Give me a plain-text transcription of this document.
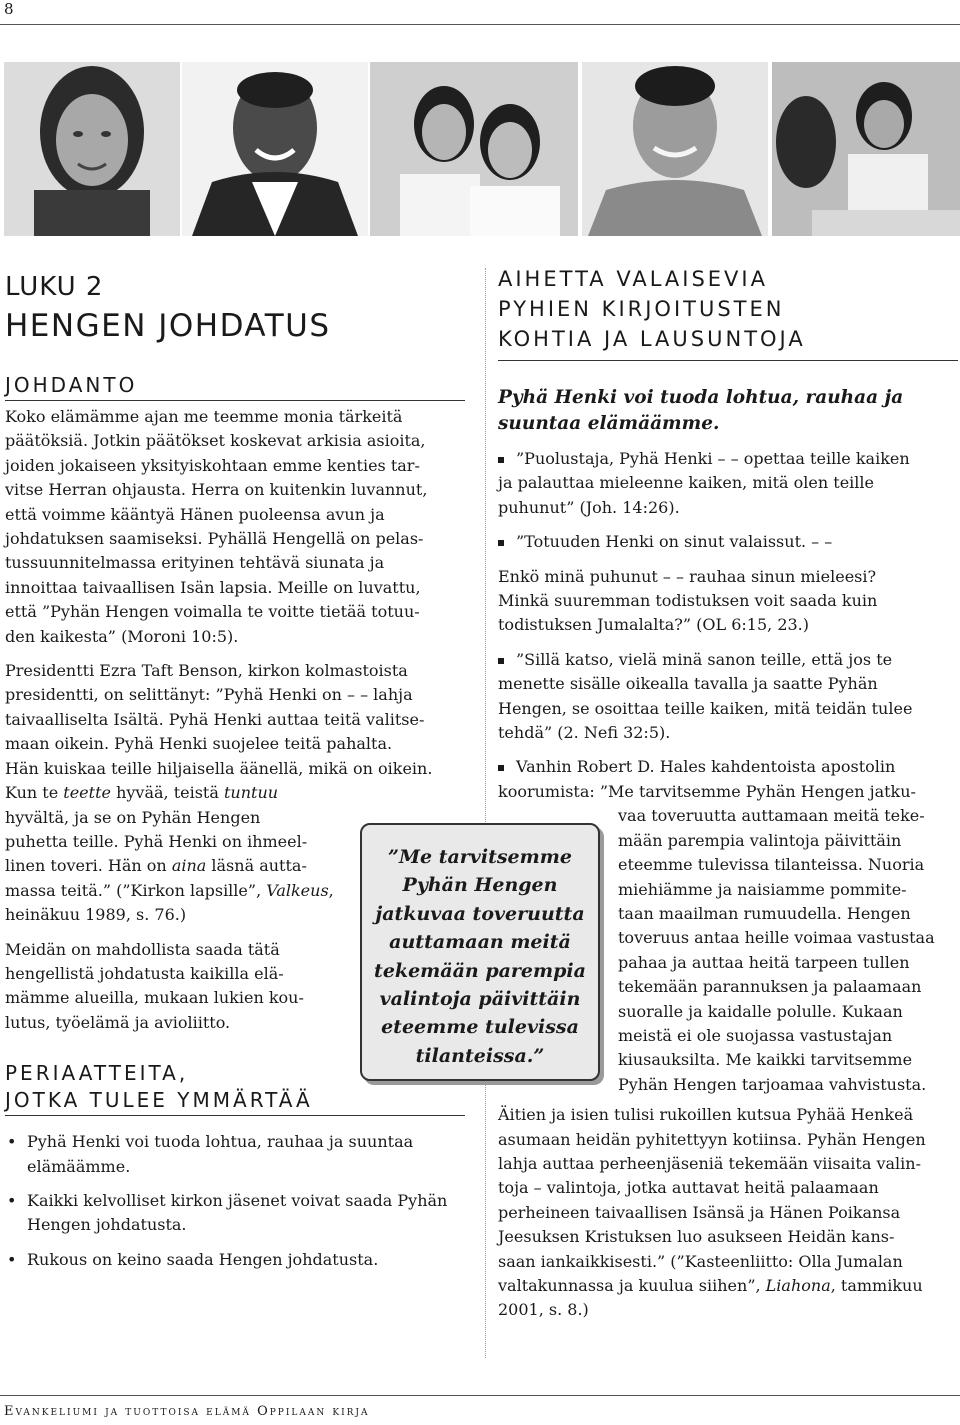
8

LUKU 2

HENGEN JOHDATUS

JOHDANTO

Koko elämämme ajan me teemme monia tärkeitä
päätöksiä. Jotkin päätökset koskevat arkisia asioita,
joiden jokaiseen yksityiskohtaan emme kenties tar-
vitse Herran ohjausta. Herra on kuitenkin luvannut,
että voimme kääntyä Hänen puoleensa avun ja
johdatuksen saamiseksi. Pyhällä Hengellä on pelas-
tussuunnitelmassa erityinen tehtävä siunata ja
innoittaa taivaallisen Isän lapsia. Meille on luvattu,
että ”Pyhän Hengen voimalla te voitte tietää totuu-
den kaikesta” (Moroni 10:5).
Presidentti Ezra Taft Benson, kirkon kolmastoista
presidentti, on selittänyt: ”Pyhä Henki on – – lahja
taivaalliselta Isältä. Pyhä Henki auttaa teitä valitse-
maan oikein. Pyhä Henki suojelee teitä pahalta.
Hän kuiskaa teille hiljaisella äänellä, mikä on oikein.
Kun te teette hyvää, teistä tuntuu
hyvältä, ja se on Pyhän Hengen
puhetta teille. Pyhä Henki on ihmeel-
linen toveri. Hän on aina läsnä autta-
massa teitä.” (”Kirkon lapsille”, Valkeus,
heinäkuu 1989, s. 76.)
Meidän on mahdollista saada tätä
hengellistä johdatusta kaikilla elä-
mämme alueilla, mukaan lukien kou-
lutus, työelämä ja avioliitto.

PERIAATTEITA,

JOTKA TULEE YMMÄRTÄÄ

• Pyhä Henki voi tuoda lohtua, rauhaa ja suuntaa elämäämme.
• Kaikki kelvolliset kirkon jäsenet voivat saada Pyhän Hengen johdatusta.
• Rukous on keino saada Hengen johdatusta.
”Me tarvitsemme
Pyhän Hengen
jatkuvaa toveruutta
auttamaan meitä
tekemään parempia
valintoja päivittäin
eteemme tulevissa
tilanteissa.”
AIHETTA VALAISEVIA
PYHIEN KIRJOITUSTEN
KOHTIA JA LAUSUNTOJA
Pyhä Henki voi tuoda lohtua, rauhaa ja
suuntaa elämäämme.
”Puolustaja, Pyhä Henki – – opettaa teille kaiken
ja palauttaa mieleenne kaiken, mitä olen teille
puhunut” (Joh. 14:26).
”Totuuden Henki on sinut valaissut. – –
Enkö minä puhunut – – rauhaa sinun mieleesi?
Minkä suuremman todistuksen voit saada kuin
todistuksen Jumalalta?” (OL 6:15, 23.)
”Sillä katso, vielä minä sanon teille, että jos te
menette sisälle oikealla tavalla ja saatte Pyhän
Hengen, se osoittaa teille kaiken, mitä teidän tulee
tehdä” (2. Nefi 32:5).
Vanhin Robert D. Hales kahdentoista apostolin
koorumista: ”Me tarvitsemme Pyhän Hengen jatku-
vaa toveruutta auttamaan meitä teke-
mään parempia valintoja päivittäin
eteemme tulevissa tilanteissa. Nuoria
miehiämme ja naisiamme pommite-
taan maailman rumuudella. Hengen
toveruus antaa heille voimaa vastustaa
pahaa ja auttaa heitä tarpeen tullen
tekemään parannuksen ja palaamaan
suoralle ja kaidalle polulle. Kukaan
meistä ei ole suojassa vastustajan
kiusauksilta. Me kaikki tarvitsemme
Pyhän Hengen tarjoamaa vahvistusta.
Äitien ja isien tulisi rukoillen kutsua Pyhää Henkeä
asumaan heidän pyhitettyyn kotiinsa. Pyhän Hengen
lahja auttaa perheenjäseniä tekemään viisaita valin-
toja – valintoja, jotka auttavat heitä palaamaan
perheineen taivaallisen Isänsä ja Hänen Poikansa
Jeesuksen Kristuksen luo asukseen Heidän kans-
saan iankaikkisesti.” (”Kasteenliitto: Olla Jumalan
valtakunnassa ja kuulua siihen”, Liahona, tammikuu
2001, s. 8.)
Evankeliumi ja tuottoisa elämä Oppilaan kirja
